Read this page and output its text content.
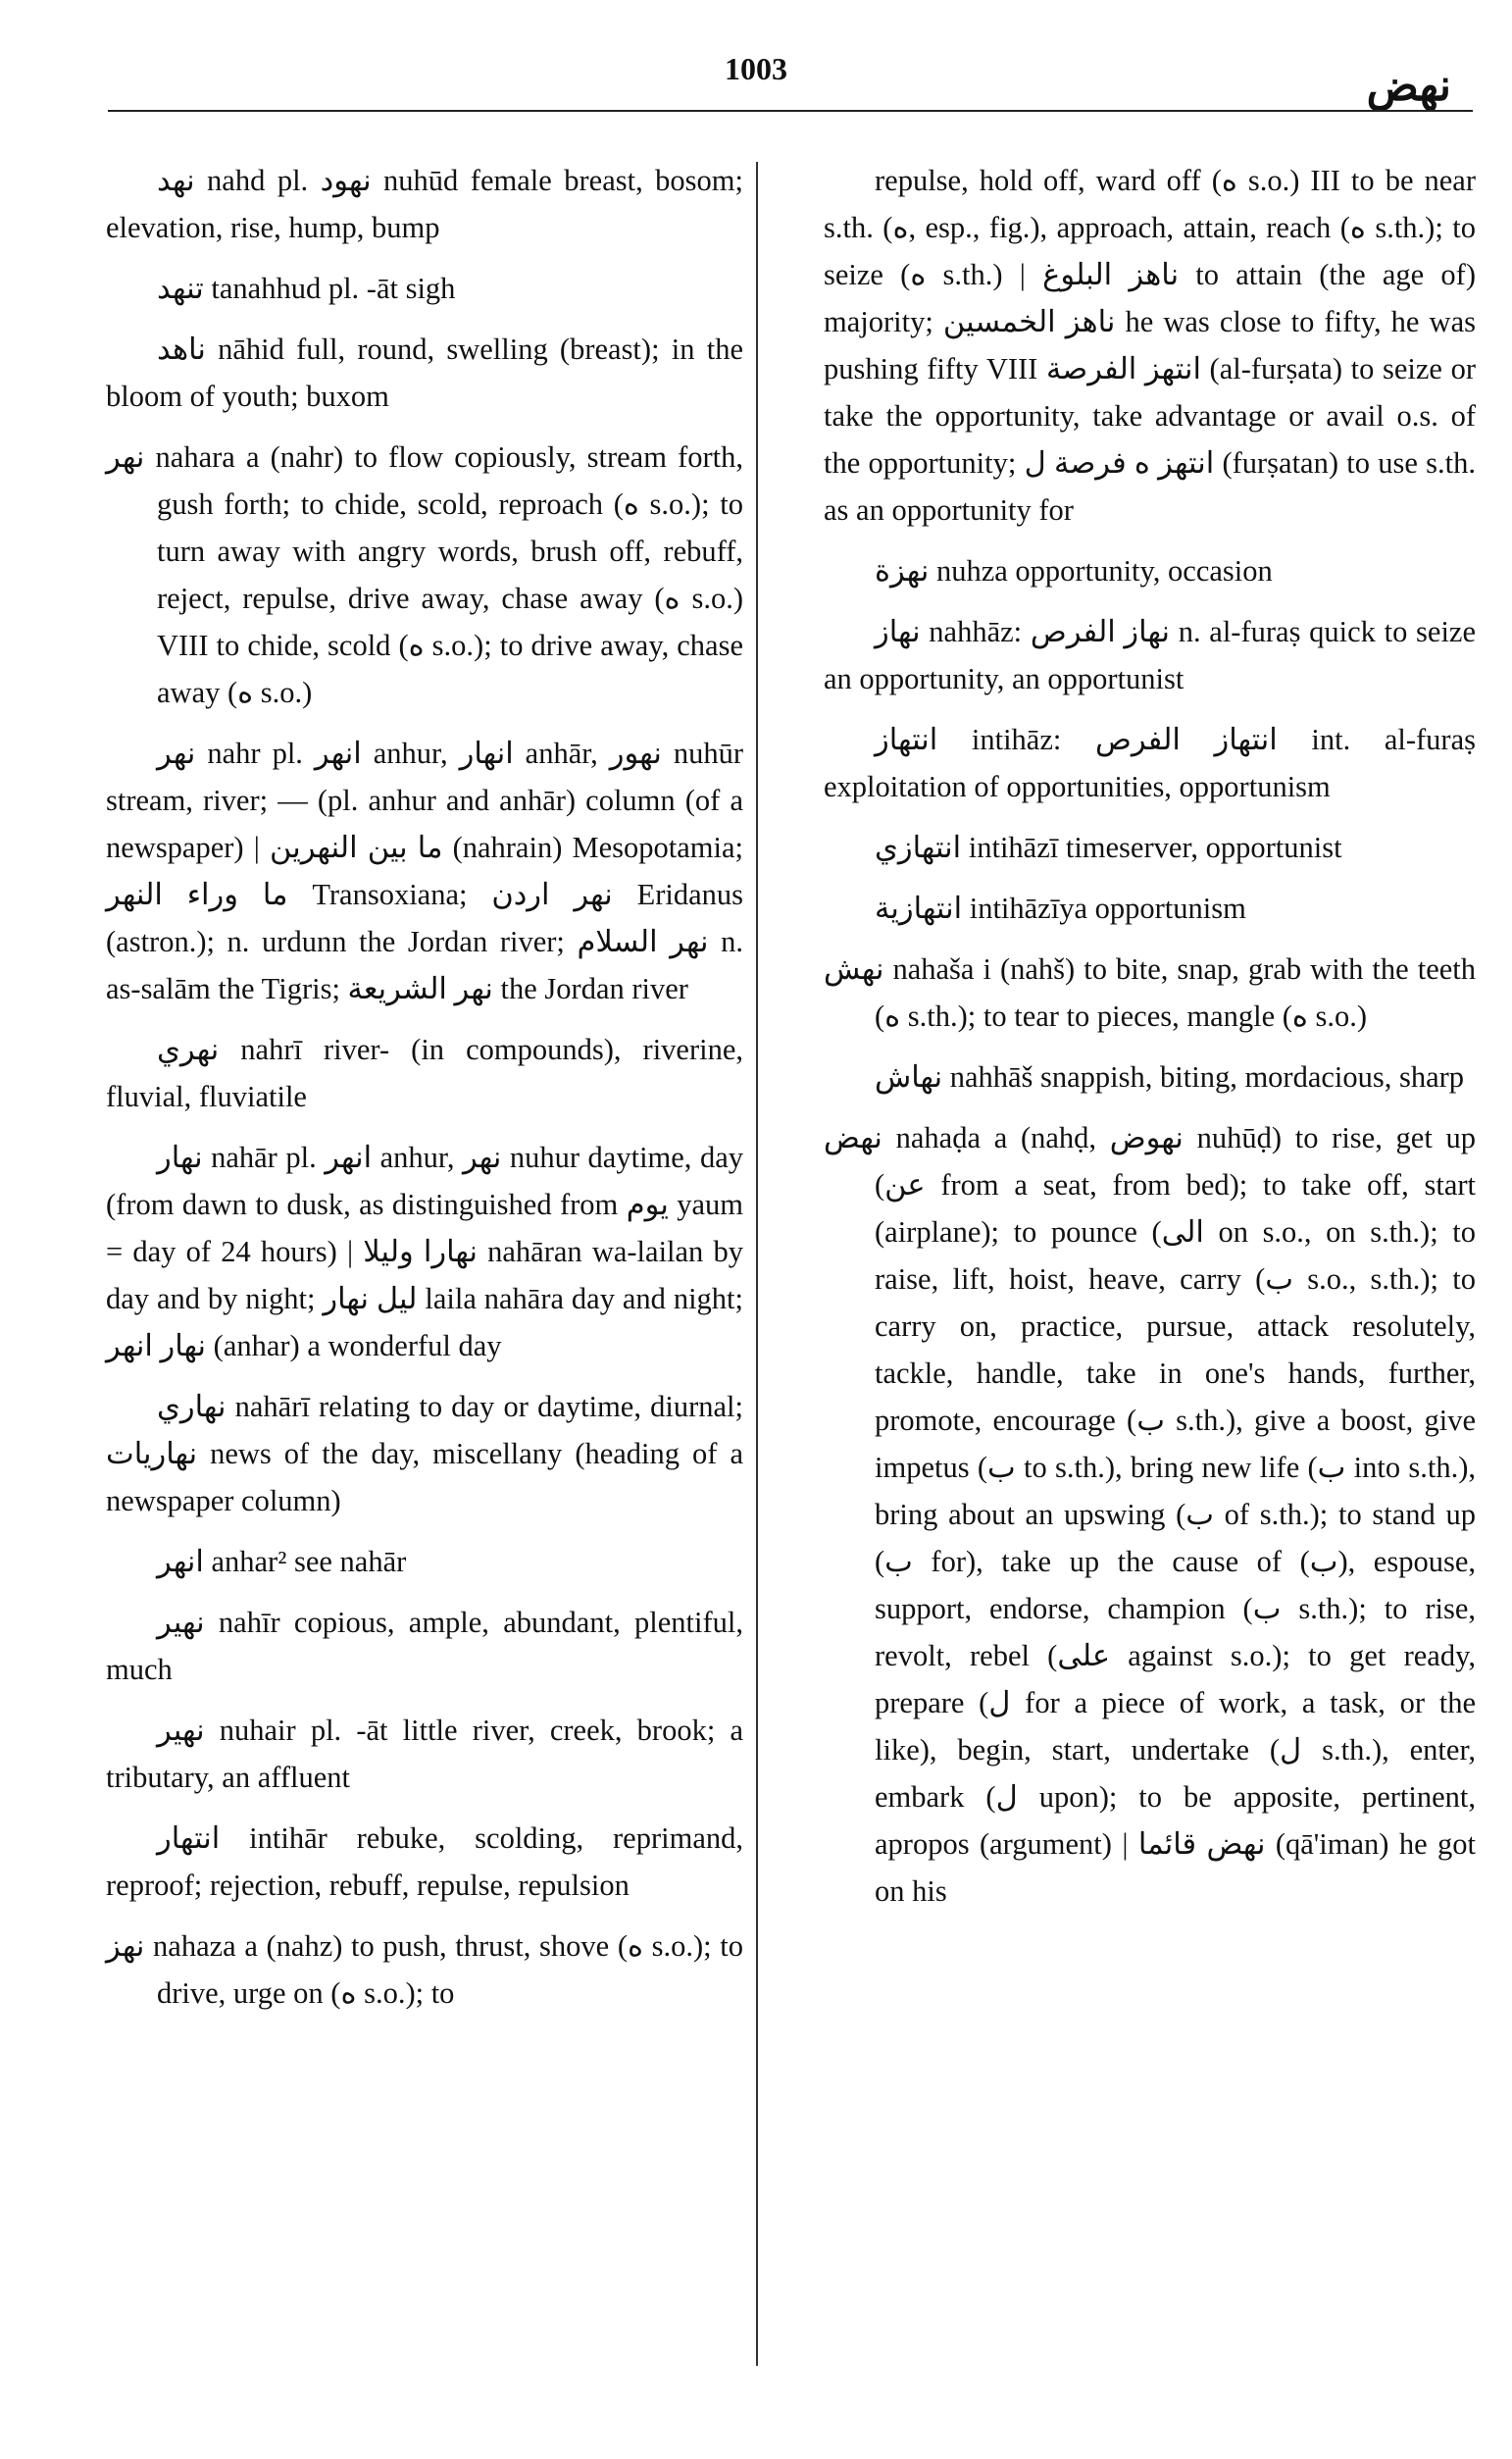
1003	نهض

نهد nahd pl. نهود nuhūd female breast, bosom; elevation, rise, hump, bump

تنهد tanahhud pl. -āt sigh

ناهد nāhid full, round, swelling (breast); in the bloom of youth; buxom

نهر nahara a (nahr) to flow copiously, stream forth, gush forth; to chide, scold, reproach (ه s.o.); to turn away with angry words, brush off, rebuff, reject, repulse, drive away, chase away (ه s.o.) VIII to chide, scold (ه s.o.); to drive away, chase away (ه s.o.)

نهر nahr pl. انهر anhur, انهار anhār, نهور nuhūr stream, river; — (pl. anhur and anhār) column (of a newspaper) | ما بين النهرين (nahrain) Mesopotamia; ما وراء النهر Transoxiana; نهر اردن Eridanus (astron.); n. urdunn the Jordan river; نهر السلام n. as-salām the Tigris; نهر الشريعة the Jordan river

نهري nahrī river- (in compounds), riverine, fluvial, fluviatile

نهار nahār pl. انهر anhur, نهر nuhur daytime, day (from dawn to dusk, as distinguished from يوم yaum = day of 24 hours) | نهارا وليلا nahāran wa-lailan by day and by night; ليل نهار laila nahāra day and night; نهار انهر (anhar) a wonderful day

نهاري nahārī relating to day or daytime, diurnal; نهاريات news of the day, miscellany (heading of a newspaper column)

انهر anhar² see nahār

نهير nahīr copious, ample, abundant, plentiful, much

نهير nuhair pl. -āt little river, creek, brook; a tributary, an affluent

انتهار intihār rebuke, scolding, reprimand, reproof; rejection, rebuff, repulse, repulsion

نهز nahaza a (nahz) to push, thrust, shove (ه s.o.); to drive, urge on (ه s.o.); to

repulse, hold off, ward off (ه s.o.) III to be near s.th. (ه, esp., fig.), approach, attain, reach (ه s.th.); to seize (ه s.th.) | ناهز البلوغ to attain (the age of) majority; ناهز الخمسين he was close to fifty, he was pushing fifty VIII انتهز الفرصة (al-furṣata) to seize or take the opportunity, take advantage or avail o.s. of the opportunity; انتهز ه فرصة ل (furṣatan) to use s.th. as an opportunity for

نهزة nuhza opportunity, occasion

نهاز nahhāz: نهاز الفرص n. al-furaṣ quick to seize an opportunity, an opportunist

انتهاز intihāz: انتهاز الفرص int. al-furaṣ exploitation of opportunities, opportunism

انتهازي intihāzī timeserver, opportunist

انتهازية intihāzīya opportunism

نهش nahaša i (nahš) to bite, snap, grab with the teeth (ه s.th.); to tear to pieces, mangle (ه s.o.)

نهاش nahhāš snappish, biting, mordacious, sharp

نهض nahaḍa a (nahḍ, نهوض nuhūḍ) to rise, get up (عن from a seat, from bed); to take off, start (airplane); to pounce (الى on s.o., on s.th.); to raise, lift, hoist, heave, carry (ب s.o., s.th.); to carry on, practice, pursue, attack resolutely, tackle, handle, take in one's hands, further, promote, encourage (ب s.th.), give a boost, give impetus (ب to s.th.), bring new life (ب into s.th.), bring about an upswing (ب of s.th.); to stand up (ب for), take up the cause of (ب), espouse, support, endorse, champion (ب s.th.); to rise, revolt, rebel (على against s.o.); to get ready, prepare (ل for a piece of work, a task, or the like), begin, start, undertake (ل s.th.), enter, embark (ل upon); to be apposite, pertinent, apropos (argument) | نهض قائما (qā'iman) he got on his
